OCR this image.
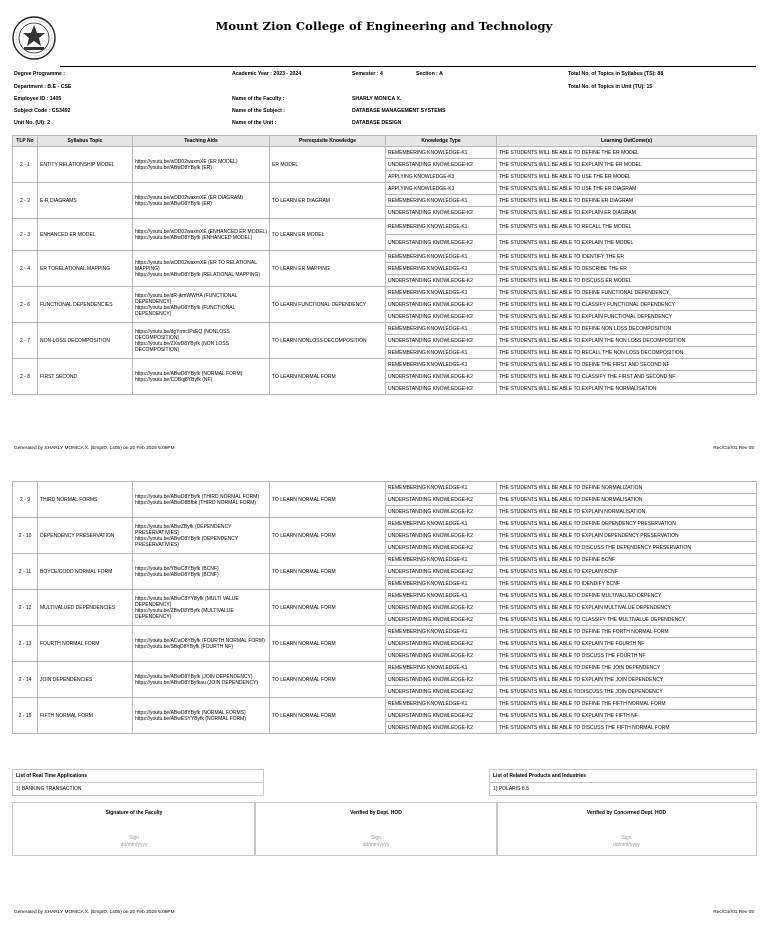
Mount Zion College of Engineering and Technology
Degree Programme :	Academic Year : 2023 - 2024	Semester : 4	Section : A	Total No. of Topics in Syllabus (TS): 88
Department : B.E - CSE	Total No. of Topics in Unit (TU): 15
Employee ID : 1405	Name of the Faculty :	SHARLY MONICA X.
Subject Code : CS3492	Name of the Subject :	DATABASE MANAGEMENT SYSTEMS
Unit No. (UI): 2	Name of the Unit :	DATABASE DESIGN
TLP No	Syllabus Topic	Teaching Aids	Prerequisite Knowledge	Knowledge Type	Learning OutCome(s)
2 - 1	ENTITY RELATIONSHIP MODEL	https://youtu.be/wDD02waxmXE (ER MODEL)
https://youtu.be/ABwD8YByfk (ER)	ER MODEL	REMEMBERING KNOWLEDGE-K1	THE STUDENTS WILL BE ABLE TO DEFINE THE ER MODEL
				UNDERSTANDING KNOWLEDGE-K2	THE STUDENTS WILL BE ABLE TO EXPLAIN THE ER MODEL
				APPLYING KNOWLEDGE-K3	THE STUDENTS WILL BE ABLE TO USE THE ER MODEL
2 - 2	E-R DIAGRAMS	https://youtu.be/wDD02waxmXE (ER DIAGRAM)
https://youtu.be/ABwD8YByfk (ER)	TO LEARN ER DIAGRAM	APPLYING KNOWLEDGE-K3	THE STUDENTS WILL BE ABLE TO USE THE ER DIAGRAM
				REMEMBERING KNOWLEDGE-K1	THE STUDENTS WILL BE ABLE TO DEFINE ER DIAGRAM
				UNDERSTANDING KNOWLEDGE-K2	THE STUDENTS WILL BE ABLE TO EXPLAIN ER DIAGRAM
2 - 3	ENHANCED ER MODEL	https://youtu.be/wDD02waxmXE (ENHANCED ER MODEL)
https://youtu.be/ABwD8YByfk (ENHANCED MODEL)	TO LEARN ER MODEL	REMEMBERING KNOWLEDGE-K1	THE STUDENTS WILL BE ABLE TO RECALL THE MODEL
				UNDERSTANDING KNOWLEDGE-K2	THE STUDENTS WILL BE ABLE TO EXPLAIN THE MODEL
2 - 4	ER TORELATIONAL MAPPING	https://youtu.be/wDD02waxmXE (ER TO RELATIONAL MAPPING)
https://youtu.be/ABwD8YByfk (RELATIONAL MAPPING)	TO LEARN ER MAPPING	REMEMBERING KNOWLEDGE-K1	THE STUDENTS WILL BE ABLE TO IDENTIFY THE ER
				REMEMBERING KNOWLEDGE-K1	THE STUDENTS WILL BE ABLE TO DESCRIBE THE ER
				UNDERSTANDING KNOWLEDGE-K2	THE STUDENTS WILL BE ABLE TO DISCUSS ER MODEL
2 - 6	FUNCTIONAL DEPENDENCIES	https://youtu.be/dR-jkmWWHA (FUNCTIONAL DEPENDENCY)
https://youtu.be/ABwD8YByfk (FUNCTIONAL DEPENDENCY)	TO LEARN FUNCTIONAL DEPENDENCY	REMEMBERING KNOWLEDGE-K1	THE STUDENTS WILL BE ABLE TO DEFINE FUNCTIONAL DEPENDENCY
				UNDERSTANDING KNOWLEDGE-K2	THE STUDENTS WILL BE ABLE TO CLASSIFY FUNCTIONAL DEPENDENCY
				UNDERSTANDING KNOWLEDGE-K2	THE STUDENTS WILL BE ABLE TO EXPLAIN FUNCTIONAL DEPENDENCY
2 - 7	NON-LOSS DECOMPOSITION	https://youtu.be/dgYrmcIPsEQ (NONLOSS DECOMPOSITION)
https://youtu.be/ZXwD8YByfk (NON LOSS DECOMPOSITION)	TO LEARN NONLOSS DECOMPOSITION	REMEMBERING KNOWLEDGE-K1	THE STUDENTS WILL BE ABLE TO DEFINE NON LOSS DECOMPOSITION
				UNDERSTANDING KNOWLEDGE-K2	THE STUDENTS WILL BE ABLE TO EXPLAIN THE NON LOSS DECOMPOSITION
				REMEMBERING KNOWLEDGE-K1	THE STUDENTS WILL BE ABLE TO RECALL THE NON LOSS DECOMPOSITION
2 - 8	FIRST SECOND	https://youtu.be/ABwD8YByfk (NORMAL FORM)
https://youtu.be/CDBqj8YByfk (NF)	TO LEARN NORMAL FORM	REMEMBERING KNOWLEDGE-K1	THE STUDENTS WILL BE ABLE TO DEFINE THE FIRST AND SECOND NF
				UNDERSTANDING KNOWLEDGE-K2	THE STUDENTS WILL BE ABLE TO CLASSIFY THE FIRST AND SECOND NF
				UNDERSTANDING KNOWLEDGE-K2	THE STUDENTS WILL BE ABLE TO EXPLAIN THE NORMALISATION
Generated by SHARLY MONICA X. (EmpID: 1405) on 20 Feb 2025 5:09PM	Rec/Cor/01 Rev 05
2 - 9	THIRD NORMAL FORMS	https://youtu.be/ABwD8YByfk (THIRD NORMAL FORM)
https://youtu.be/ABwD8Bfbk (THIRD NORMAL FORM)	TO LEARN NORMAL FORM	REMEMBERING KNOWLEDGE-K1	THE STUDENTS WILL BE ABLE TO DEFINE NORMALIZATION
				UNDERSTANDING KNOWLEDGE-K2	THE STUDENTS WILL BE ABLE TO DEFINE NORMALISATION
				UNDERSTANDING KNOWLEDGE-K2	THE STUDENTS WILL BE ABLE TO EXPLAIN NORMALISATION
2 - 10	DEPENDENCY PRESERVATION	https://youtu.be/ABwZByfk (DEPENDENCY PRESERVATIVIES)
https://youtu.be/ABwD8YByfk (DEPENDENCY PRESERVATIVIES)	TO LEARN NORMAL FORM	REMEMBERING KNOWLEDGE-K1	THE STUDENTS WILL BE ABLE TO DEFINE DEPENDENCY PRESERVATION
				UNDERSTANDING KNOWLEDGE-K2	THE STUDENTS WILL BE ABLE TO EXPLAIN DEPENDENCY PRESERVATION
				UNDERSTANDING KNOWLEDGE-K2	THE STUDENTS WILL BE ABLE TO DISCUSS THE DEPENDENCY PRESERVATION
2 - 11	BOYCE/CODD NORMAL FORM	https://youtu.be/YBwC8YByfk (BCNF)
https://youtu.be/ABwD8YByfk (BCNF)	TO LEARN NORMAL FORM	REMEMBERING KNOWLEDGE-K1	THE STUDENTS WILL BE ABLE TO DEFINE BCNF
				UNDERSTANDING KNOWLEDGE-K2	THE STUDENTS WILL BE ABLE TO EXPLAIN BCNF
				REMEMBERING KNOWLEDGE-K1	THE STUDENTS WILL BE ABLE TO IDENDIFY BCNF
2 - 12	MULTIVALUED DEPENDENCIES	https://youtu.be/ABwC8YYByfk (MULTI VALUE DEPENDENCY)
https://youtu.be/ZBwD8YByfk (MULTIVALUE DEPENDENCY)	TO LEARN NORMAL FORM	REMEMBERING KNOWLEDGE-K1	THE STUDENTS WILL BE ABLE TO DEFINE MULTIVALUED DEPENCY
				UNDERSTANDING KNOWLEDGE-K2	THE STUDENTS WILL BE ABLE TO EXPLAIN MULTIVALUE DEPENDENCY
				UNDERSTANDING KNOWLEDGE-K2	THE STUDENTS WILL BE ABLE TO CLASSIFY THE MULTIVALUE DEPENDENCY
2 - 13	FOURTH NORMAL FORM	https://youtu.be/ACwD8YByfk (FOURTH NORMAL FORM)
https://youtu.be/SBqD8YByfk (FOURTH NF)	TO LEARN NORMAL FORM	REMEMBERING KNOWLEDGE-K1	THE STUDENTS WILL BE ABLE TO DEFINE THE FORTH NORMAL FORM
				UNDERSTANDING KNOWLEDGE-K2	THE STUDENTS WILL BE ABLE TO EXPLAIN THE FOURTH NF
				UNDERSTANDING KNOWLEDGE-K2	THE STUDENTS WILL BE ABLE TO DISCUSS THE FOURTH NF
2 - 14	JOIN DEPENDENCIES	https://youtu.be/ABwD8YByfk (JOIN DEPENDENCY)
https://youtu.be/ABwD8YByfkau (JOIN DEPENDENCY)	TO LEARN NORMAL FORM	REMEMBERING KNOWLEDGE-K1	THE STUDENTS WILL BE ABLE TO DEFINE THE JOIN DEPENDENCY
				UNDERSTANDING KNOWLEDGE-K2	THE STUDENTS WILL BE ABLE TO EXPLAIN THE JOIN DEPENDENCY
				UNDERSTANDING KNOWLEDGE-K2	THE STUDENTS WILL BE ABLE TODISCUSS THE JOIN DEPENDENCY
2 - 15	FIFTH NORMAL FORM	https://youtu.be/ABwD8YByfk (NORMAL FORMS)
https://youtu.be/ABwESYYByfk (NORMAL FORM)	TO LEARN NORMAL FORM	REMEMBERING KNOWLEDGE-K1	THE STUDENTS WILL BE ABLE TO DEFINE THE FIFTH NORMAL FORM
				UNDERSTANDING KNOWLEDGE-K2	THE STUDENTS WILL BE ABLE TO EXPLAIN THE FIFTH NF
				UNDERSTANDING KNOWLEDGE-K2	THE STUDENTS WILL BE ABLE TO DISCUSS THE FIFTH NORMAL FORM
List of Real Time Applications
1) BANKING TRANSACTION
List of Related Products and Industries
1) POLARIS 8.5
Signature of the Faculty
Sign
dd/mm/yyyy
Verified by Dept. HOD
Sign
dd/mm/yyyy
Verified by Concerned Dept. HOD
Sign
dd/mm/yyyy
Generated by SHARLY MONICA X. (EmpID: 1405) on 20 Feb 2025 5:09PM	Rec/Cor/01 Rev 05
